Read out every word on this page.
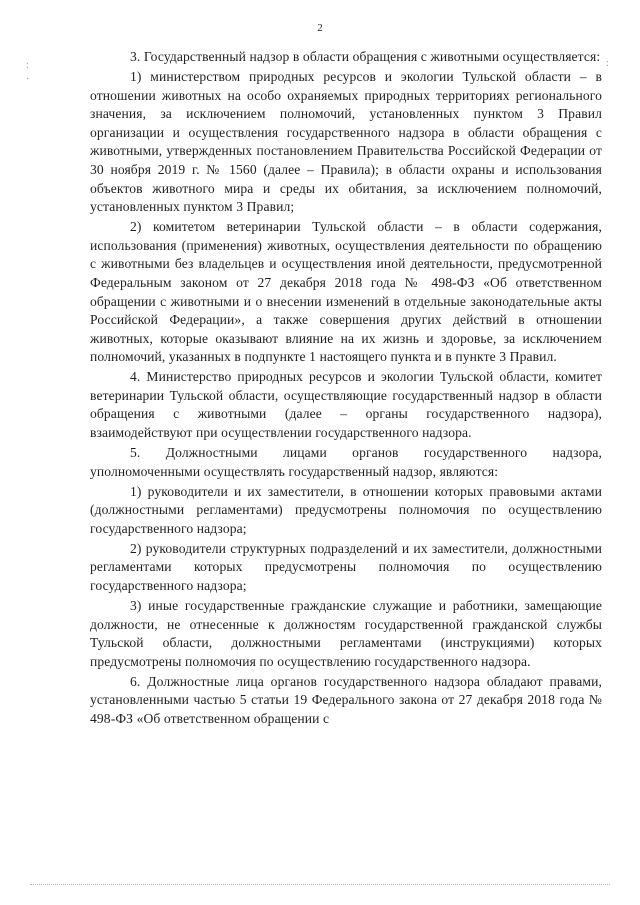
2
:
·
:

3. Государственный надзор в области обращения с животными осуществляется:

1) министерством природных ресурсов и экологии Тульской области – в отношении животных на особо охраняемых природных территориях регионального значения, за исключением полномочий, установленных пунктом 3 Правил организации и осуществления государственного надзора в области обращения с животными, утвержденных постановлением Правительства Российской Федерации от 30 ноября 2019 г. № 1560 (далее – Правила); в области охраны и использования объектов животного мира и среды их обитания, за исключением полномочий, установленных пунктом 3 Правил;

2) комитетом ветеринарии Тульской области – в области содержания, использования (применения) животных, осуществления деятельности по обращению с животными без владельцев и осуществления иной деятельности, предусмотренной Федеральным законом от 27 декабря 2018 года № 498-ФЗ «Об ответственном обращении с животными и о внесении изменений в отдельные законодательные акты Российской Федерации», а также совершения других действий в отношении животных, которые оказывают влияние на их жизнь и здоровье, за исключением полномочий, указанных в подпункте 1 настоящего пункта и в пункте 3 Правил.

4. Министерство природных ресурсов и экологии Тульской области, комитет ветеринарии Тульской области, осуществляющие государственный надзор в области обращения с животными (далее – органы государственного надзора), взаимодействуют при осуществлении государственного надзора.

5. Должностными лицами органов государственного надзора, уполномоченными осуществлять государственный надзор, являются:

1) руководители и их заместители, в отношении которых правовыми актами (должностными регламентами) предусмотрены полномочия по осуществлению государственного надзора;

2) руководители структурных подразделений и их заместители, должностными регламентами которых предусмотрены полномочия по осуществлению государственного надзора;

3) иные государственные гражданские служащие и работники, замещающие должности, не отнесенные к должностям государственной гражданской службы Тульской области, должностными регламентами (инструкциями) которых предусмотрены полномочия по осуществлению государственного надзора.

6. Должностные лица органов государственного надзора обладают правами, установленными частью 5 статьи 19 Федерального закона от 27 декабря 2018 года № 498-ФЗ «Об ответственном обращении с
